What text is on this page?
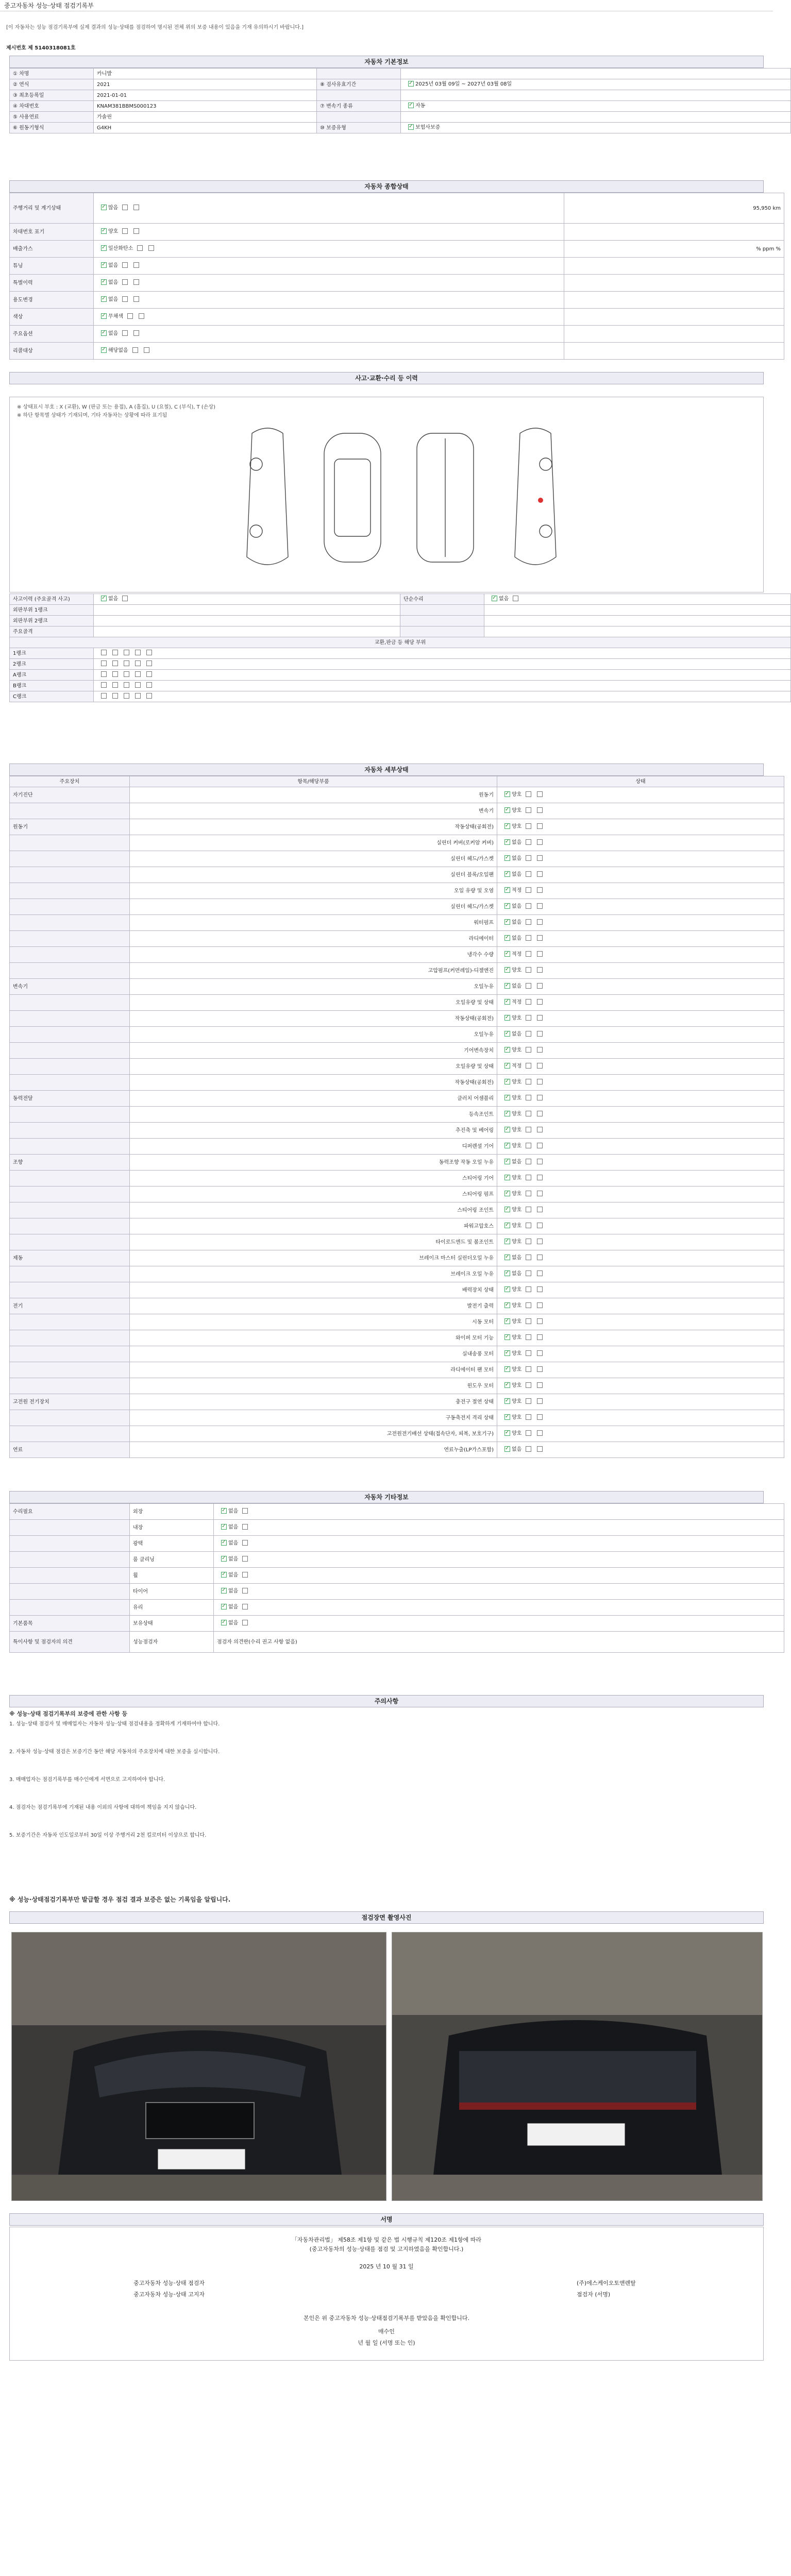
중고자동차 성능·상태 점검기록부
[이 자동차는 성능 점검기록부에 실제 결과의 성능·상태를 점검하여 명시된 전체 위의 보증 내용이 있음을 기재 유의하시기 바랍니다.]
제시번호 제 5140318081호
자동차 기본정보
① 차명	카니발		
② 연식	2021	⑧ 검사유효기간	✓2025년 03월 09일 ~ 2027년 03월 08일
③ 최초등록일	2021-01-01		
④ 차대번호	KNAM381BBMS000123	⑦ 변속기 종류	✓자동
⑤ 사용연료	가솔린		
⑥ 원동기형식	G4KH	⑩ 보증유형	✓보험사보증
자동차 종합상태
주행거리 및 계기상태	✓많음	95,950 km
차대번호 표기	✓양호	
배출가스	✓일산화탄소	% ppm %
튜닝	✓없음	
특별이력	✓없음	
용도변경	✓없음	
색상	✓무채색	
주요옵션	✓없음	
리콜대상	✓해당없음	
사고·교환·수리 등 이력
※ 상태표시 부호 : X (교환), W (판금 또는 용접), A (흠집), U (요철), C (부식), T (손상)
※ 하단 항목별 상태가 기재되며, 기타 자동차는 상황에 따라 표기됨
사고이력 (주요골격 사고)	✓없음	단순수리	✓없음
외판부위 1랭크			
외판부위 2랭크			
주요골격			
교환,판금 등 해당 부위			
1랭크			
2랭크			
A랭크			
B랭크			
C랭크			
자동차 세부상태
주요장치	항목/해당부품	상태
자기진단	원동기	✓양호
	변속기	✓양호
원동기	작동상태(공회전)	✓양호
	실린더 커버(로커암 커버)	✓없음
	실린더 헤드/가스켓	✓없음
	실린더 블록/오일팬	✓없음
	오일 유량 및 오염	✓적정
	실린더 헤드/가스켓	✓없음
	워터펌프	✓없음
	라디에이터	✓없음
	냉각수 수량	✓적정
	고압펌프(커먼레일)-디젤엔진	✓양호
변속기	오일누유	✓없음
	오일유량 및 상태	✓적정
	작동상태(공회전)	✓양호
	오일누유	✓없음
	기어변속장치	✓양호
	오일유량 및 상태	✓적정
	작동상태(공회전)	✓양호
동력전달	클러치 어셈블리	✓양호
	등속조인트	✓양호
	추진축 및 베어링	✓양호
	디퍼렌셜 기어	✓양호
조향	동력조향 작동 오일 누유	✓없음
	스티어링 기어	✓양호
	스티어링 펌프	✓양호
	스티어링 조인트	✓양호
	파워고압호스	✓양호
	타이로드엔드 및 볼조인트	✓양호
제동	브레이크 마스터 실린더오일 누유	✓없음
	브레이크 오일 누유	✓없음
	배력장치 상태	✓양호
전기	발전기 출력	✓양호
	시동 모터	✓양호
	와이퍼 모터 기능	✓양호
	실내송풍 모터	✓양호
	라디에이터 팬 모터	✓양호
	윈도우 모터	✓양호
고전원 전기장치	충전구 절연 상태	✓양호
	구동축전지 격리 상태	✓양호
	고전원전기배선 상태(접속단자, 피복, 보호기구)	✓양호
연료	연료누출(LP가스포함)	✓없음
자동차 기타정보
수리필요	외장	✓없음
	내장	✓없음
	광택	✓없음
	룸 클리닝	✓없음
	휠	✓없음
	타이어	✓없음
	유리	✓없음
기본품목	보유상태	✓없음
특이사항 및 점검자의 의견	성능점검자	점검자 의견란(수리 권고 사항 없음)
주의사항
※ 성능·상태 점검기록부의 보증에 관한 사항 등
1. 성능·상태 점검자 및 매매업자는 자동차 성능·상태 점검내용을 정확하게 기재하여야 합니다.
2. 자동차 성능·상태 점검은 보증기간 동안 해당 자동차의 주요장치에 대한 보증을 실시합니다.
3. 매매업자는 점검기록부를 매수인에게 서면으로 고지하여야 합니다.
4. 점검자는 점검기록부에 기재된 내용 이외의 사항에 대하여 책임을 지지 않습니다.
5. 보증기간은 자동차 인도일로부터 30일 이상 주행거리 2천 킬로미터 이상으로 합니다.
※ 성능·상태점검기록부만 발급할 경우 점검 결과 보증은 없는 기록임을 알립니다.
점검장면 촬영사진
서명
「자동차관리법」 제58조 제1항 및 같은 법 시행규칙 제120조 제1항에 따라
(중고자동차의 성능·상태를 점검 및 고지하였음을 확인합니다.)
2025 년 10 월 31 일
중고자동차 성능·상태 점검자
중고자동차 성능·상태 고지자
(주)에스케이오토앤렌탈
점검자 (서명)
본인은 위 중고자동차 성능·상태점검기록부를 받았음을 확인합니다.
매수인
년 월 일 (서명 또는 인)
